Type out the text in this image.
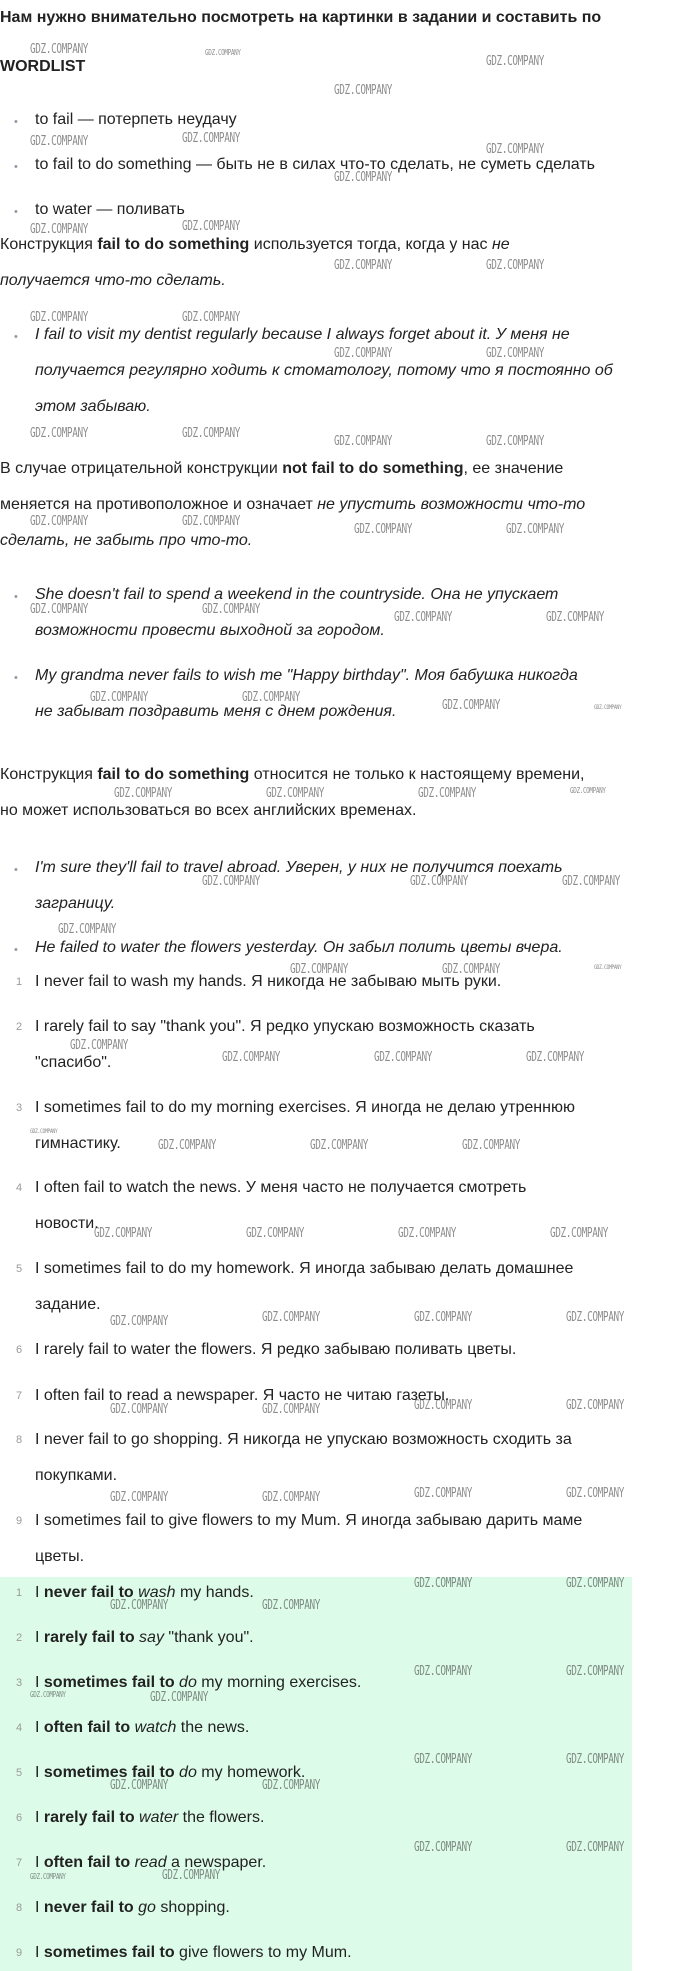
Нам нужно внимательно посмотреть на картинки в задании и составить по
WORDLIST
• to fail — потерпеть неудачу
• to fail to do something — быть не в силах что-то сделать, не суметь сделать
• to water — поливать
Конструкция fail to do something используется тогда, когда у нас не
получается что-то сделать.
• I fail to visit my dentist regularly because I always forget about it. У меня не
получается регулярно ходить к стоматологу, потому что я постоянно об
этом забываю.
В случае отрицательной конструкции not fail to do something, ее значение
меняется на противоположное и означает не упустить возможности что-то
сделать, не забыть про что-то.
• She doesn't fail to spend a weekend in the countryside. Она не упускает
возможности провести выходной за городом.
• My grandma never fails to wish me "Happy birthday". Моя бабушка никогда
не забыват поздравить меня с днем рождения.
Конструкция fail to do something относится не только к настоящему времени,
но может использоваться во всех английских временах.
• I'm sure they'll fail to travel abroad. Уверен, у них не получится поехать
заграницу.
• He failed to water the flowers yesterday. Он забыл полить цветы вчера.
1 I never fail to wash my hands. Я никогда не забываю мыть руки.
2 I rarely fail to say "thank you". Я редко упускаю возможность сказать
"спасибо".
3 I sometimes fail to do my morning exercises. Я иногда не делаю утреннюю
гимнастику.
4 I often fail to watch the news. У меня часто не получается смотреть
новости.
5 I sometimes fail to do my homework. Я иногда забываю делать домашнее
задание.
6 I rarely fail to water the flowers. Я редко забываю поливать цветы.
7 I often fail to read a newspaper. Я часто не читаю газеты.
8 I never fail to go shopping. Я никогда не упускаю возможность сходить за
покупками.
9 I sometimes fail to give flowers to my Mum. Я иногда забываю дарить маме
цветы.
1 I never fail to wash my hands.
2 I rarely fail to say "thank you".
3 I sometimes fail to do my morning exercises.
4 I often fail to watch the news.
5 I sometimes fail to do my homework.
6 I rarely fail to water the flowers.
7 I often fail to read a newspaper.
8 I never fail to go shopping.
9 I sometimes fail to give flowers to my Mum.
GDZ.COMPANY	GDZ.COMPANY
GDZ.COMPANY
GDZ.COMPANY
GDZ.COMPANY	GDZ.COMPANY
GDZ.COMPANY
GDZ.COMPANY
GDZ.COMPANY	GDZ.COMPANY
GDZ.COMPANY	GDZ.COMPANY
GDZ.COMPANY	GDZ.COMPANY
GDZ.COMPANY	GDZ.COMPANY
GDZ.COMPANY	GDZ.COMPANY
GDZ.COMPANY	GDZ.COMPANY
GDZ.COMPANY	GDZ.COMPANY
GDZ.COMPANY	GDZ.COMPANY
GDZ.COMPANY	GDZ.COMPANY
GDZ.COMPANY	GDZ.COMPANY
GDZ.COMPANY	GDZ.COMPANY
GDZ.COMPANY	GDZ.COMPANY
GDZ.COMPANY	GDZ.COMPANY	GDZ.COMPANY	GDZ.COMPANY
GDZ.COMPANY	GDZ.COMPANY	GDZ.COMPANY
GDZ.COMPANY
GDZ.COMPANY	GDZ.COMPANY	GDZ.COMPANY
GDZ.COMPANY
GDZ.COMPANY	GDZ.COMPANY	GDZ.COMPANY
GDZ.COMPANY
GDZ.COMPANY	GDZ.COMPANY	GDZ.COMPANY
GDZ.COMPANY	GDZ.COMPANY	GDZ.COMPANY	GDZ.COMPANY
GDZ.COMPANY	GDZ.COMPANY	GDZ.COMPANY	GDZ.COMPANY
GDZ.COMPANY	GDZ.COMPANY	GDZ.COMPANY	GDZ.COMPANY
GDZ.COMPANY	GDZ.COMPANY	GDZ.COMPANY	GDZ.COMPANY
GDZ.COMPANY	GDZ.COMPANY
GDZ.COMPANY	GDZ.COMPANY
GDZ.COMPANY	GDZ.COMPANY
GDZ.COMPANY	GDZ.COMPANY
GDZ.COMPANY	GDZ.COMPANY
GDZ.COMPANY	GDZ.COMPANY
GDZ.COMPANY	GDZ.COMPANY
GDZ.COMPANY	GDZ.COMPANY
